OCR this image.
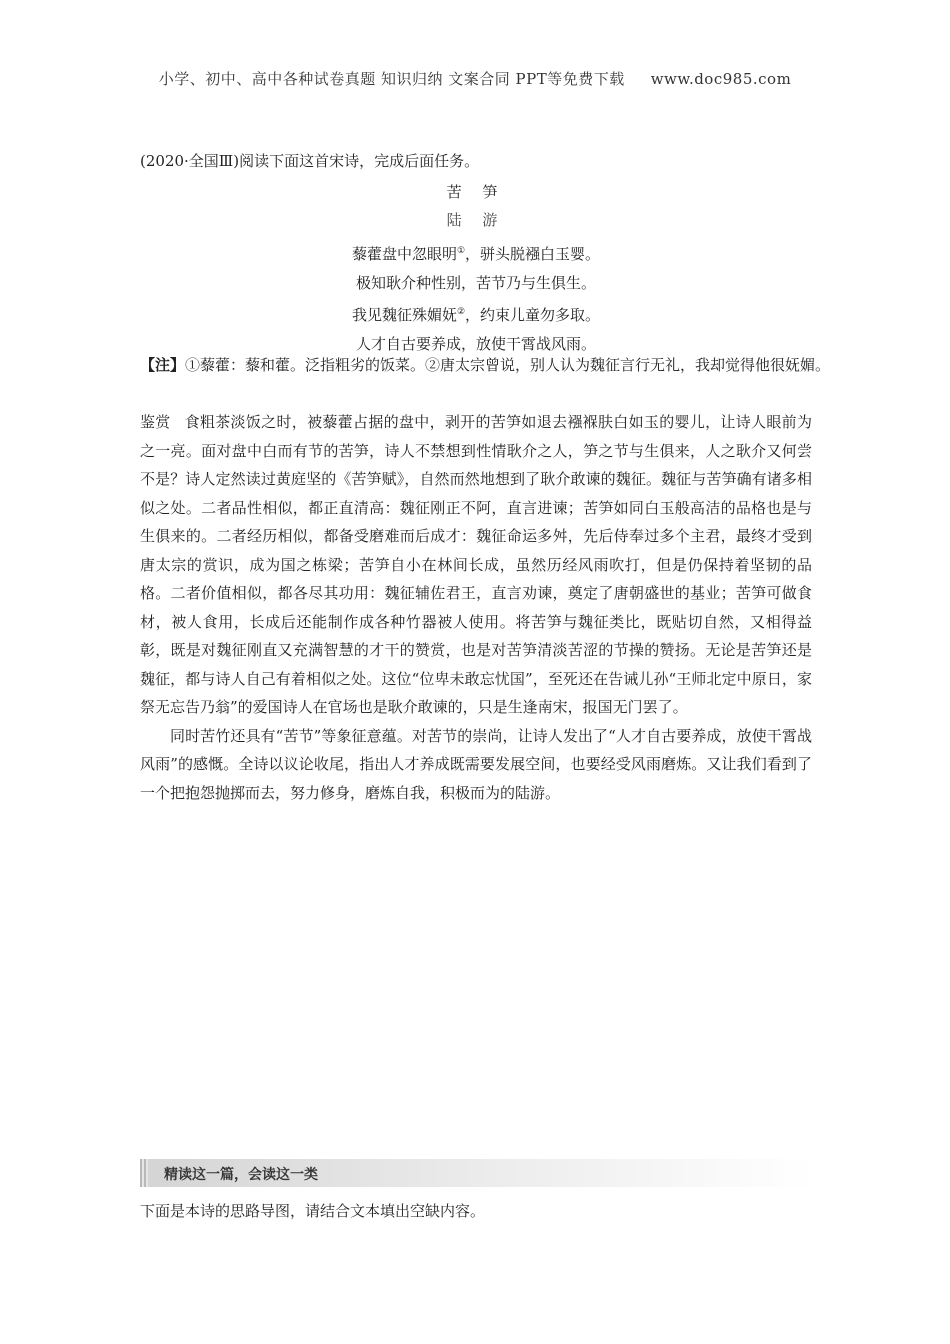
小学、初中、高中各种试卷真题 知识归纳 文案合同 PPT等免费下载 www.doc985.com
(2020·全国Ⅲ)阅读下面这首宋诗，完成后面任务。
苦 笋
陆 游
藜藿盘中忽眼明①，骈头脱襁白玉婴。
极知耿介种性别，苦节乃与生俱生。
我见魏征殊媚妩②，约束儿童勿多取。
人才自古要养成，放使干霄战风雨。
【注】①藜藿：藜和藿。泛指粗劣的饭菜。②唐太宗曾说，别人认为魏征言行无礼，我却觉得他很妩媚。

鉴赏 食粗茶淡饭之时，被藜藿占据的盘中，剥开的苦笋如退去襁褓肤白如玉的婴儿，让诗人眼前为之一亮。面对盘中白而有节的苦笋，诗人不禁想到性情耿介之人，笋之节与生俱来，人之耿介又何尝不是？诗人定然读过黄庭坚的《苦笋赋》，自然而然地想到了耿介敢谏的魏征。魏征与苦笋确有诸多相似之处。二者品性相似，都正直清高：魏征刚正不阿，直言进谏；苦笋如同白玉般高洁的品格也是与生俱来的。二者经历相似，都备受磨难而后成才：魏征命运多舛，先后侍奉过多个主君，最终才受到唐太宗的赏识，成为国之栋梁；苦笋自小在林间长成，虽然历经风雨吹打，但是仍保持着坚韧的品格。二者价值相似，都各尽其功用：魏征辅佐君王，直言劝谏，奠定了唐朝盛世的基业；苦笋可做食材，被人食用，长成后还能制作成各种竹器被人使用。将苦笋与魏征类比，既贴切自然，又相得益彰，既是对魏征刚直又充满智慧的才干的赞赏，也是对苦笋清淡苦涩的节操的赞扬。无论是苦笋还是魏征，都与诗人自己有着相似之处。这位“位卑未敢忘忧国”，至死还在告诫儿孙“王师北定中原日，家祭无忘告乃翁”的爱国诗人在官场也是耿介敢谏的，只是生逢南宋，报国无门罢了。

同时苦竹还具有“苦节”等象征意蕴。对苦节的崇尚，让诗人发出了“人才自古要养成，放使干霄战风雨”的感慨。全诗以议论收尾，指出人才养成既需要发展空间，也要经受风雨磨炼。又让我们看到了一个把抱怨抛掷而去，努力修身，磨炼自我，积极而为的陆游。

精读这一篇，会读这一类
下面是本诗的思路导图，请结合文本填出空缺内容。
